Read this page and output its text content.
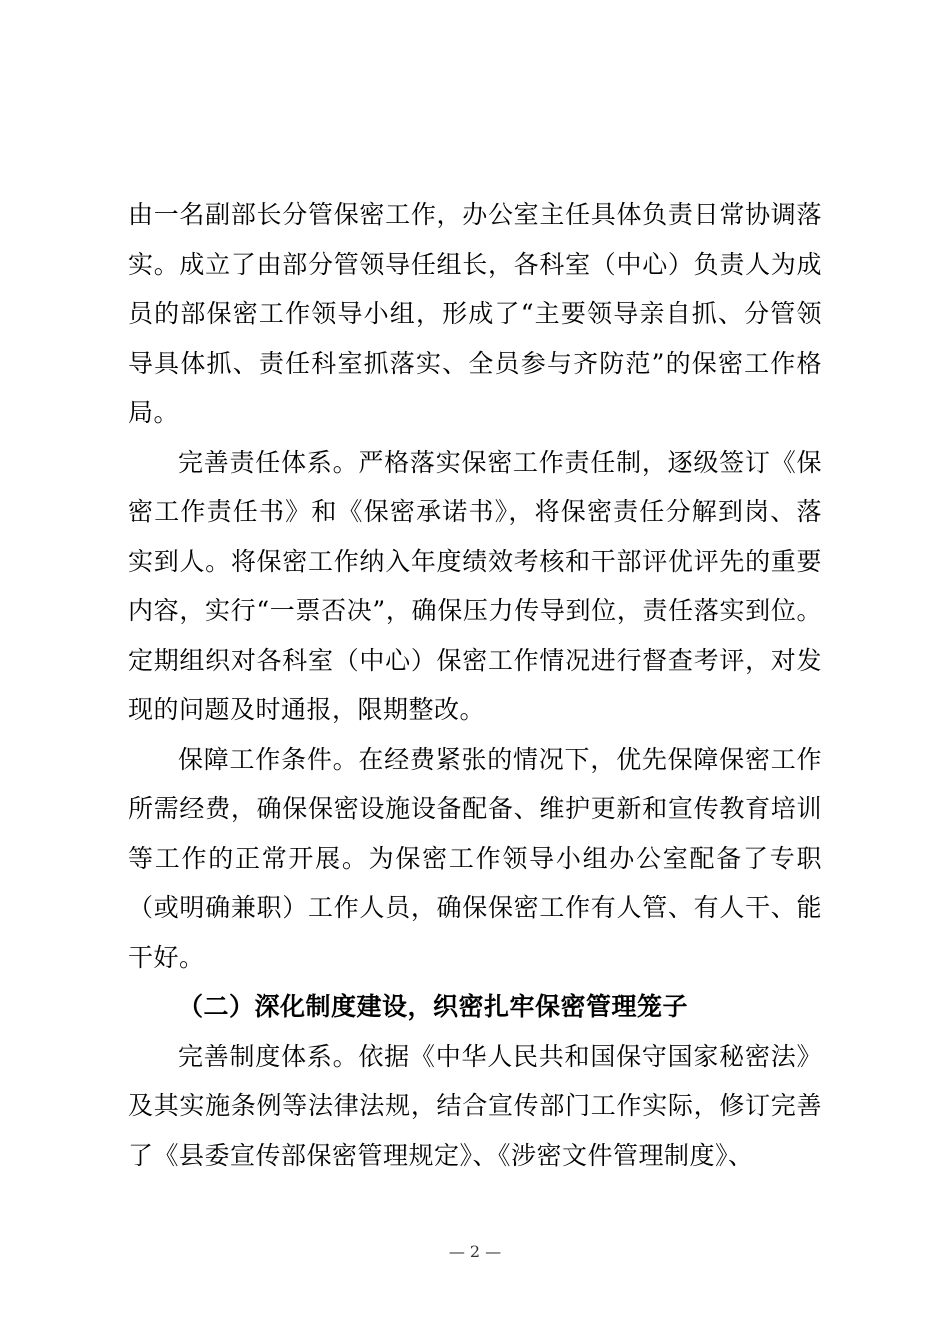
由一名副部长分管保密工作，办公室主任具体负责日常协调落实。成立了由部分管领导任组长，各科室（中心）负责人为成员的部保密工作领导小组，形成了“主要领导亲自抓、分管领导具体抓、责任科室抓落实、全员参与齐防范”的保密工作格局。

完善责任体系。严格落实保密工作责任制，逐级签订《保密工作责任书》和《保密承诺书》，将保密责任分解到岗、落实到人。将保密工作纳入年度绩效考核和干部评优评先的重要内容，实行“一票否决”，确保压力传导到位，责任落实到位。定期组织对各科室（中心）保密工作情况进行督查考评，对发现的问题及时通报，限期整改。

保障工作条件。在经费紧张的情况下，优先保障保密工作所需经费，确保保密设施设备配备、维护更新和宣传教育培训等工作的正常开展。为保密工作领导小组办公室配备了专职（或明确兼职）工作人员，确保保密工作有人管、有人干、能干好。

（二）深化制度建设，织密扎牢保密管理笼子

完善制度体系。依据《中华人民共和国保守国家秘密法》及其实施条例等法律法规，结合宣传部门工作实际，修订完善了《县委宣传部保密管理规定》、《涉密文件管理制度》、

— 2 —
